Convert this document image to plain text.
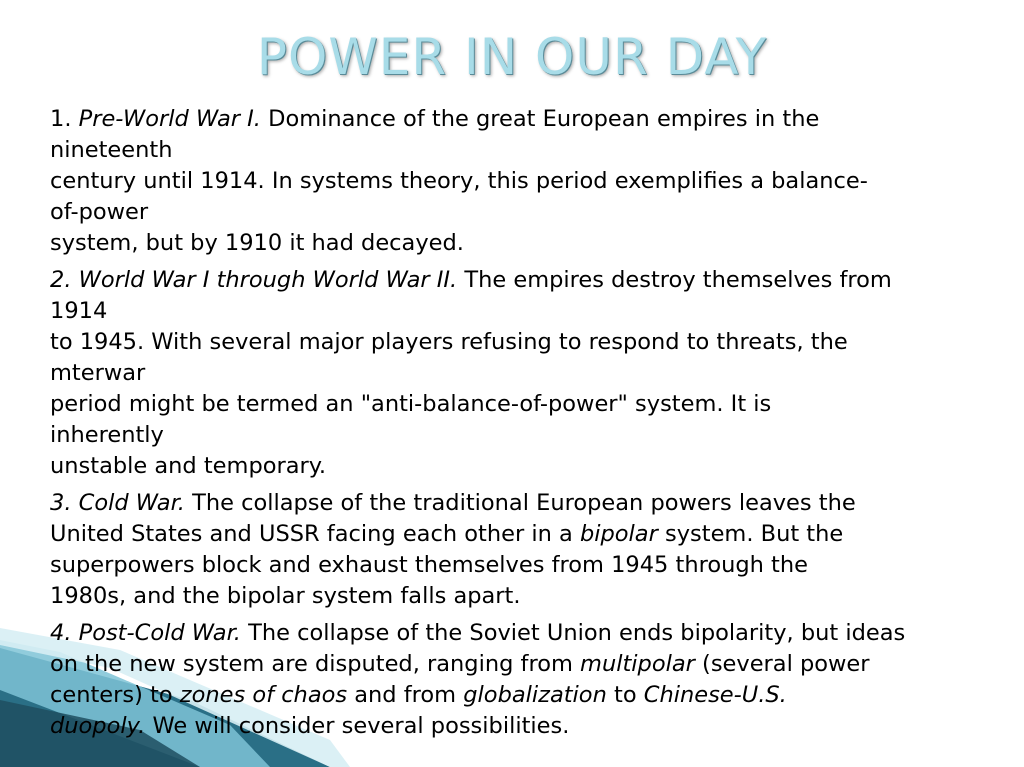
POWER IN OUR DAY
1. Pre-World War I. Dominance of the great European empires in the
nineteenth
century until 1914. In systems theory, this period exemplifies a balance-
of-power
system, but by 1910 it had decayed.
2. World War I through World War II. The empires destroy themselves from
1914
to 1945. With several major players refusing to respond to threats, the
mterwar
period might be termed an "anti-balance-of-power" system. It is
inherently
unstable and temporary.
3. Cold War. The collapse of the traditional European powers leaves the
United States and USSR facing each other in a bipolar system. But the
superpowers block and exhaust themselves from 1945 through the
1980s, and the bipolar system falls apart.
4. Post-Cold War. The collapse of the Soviet Union ends bipolarity, but ideas
on the new system are disputed, ranging from multipolar (several power
centers) to zones of chaos and from globalization to Chinese-U.S.
duopoly. We will consider several possibilities.
